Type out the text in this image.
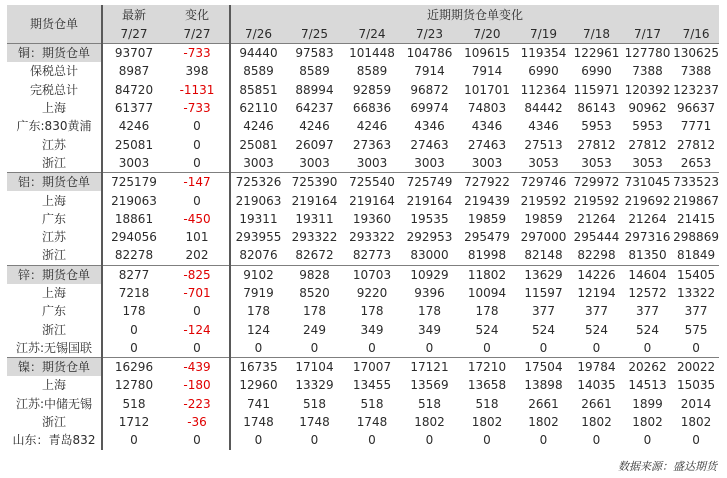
期货仓单	最新	变化	近期期货仓单变化								
	7/27	7/27	7/26	7/25	7/24	7/23	7/20	7/19	7/18	7/17	7/16
铜：期货仓单	93707	-733	94440	97583	101448	104786	109615	119354	122961	127780	130625
保税总计	8987	398	8589	8589	8589	7914	7914	6990	6990	7388	7388
完税总计	84720	-1131	85851	88994	92859	96872	101701	112364	115971	120392	123237
上海	61377	-733	62110	64237	66836	69974	74803	84442	86143	90962	96637
广东:830黄浦	4246	0	4246	4246	4246	4346	4346	4346	5953	5953	7771
江苏	25081	0	25081	26097	27363	27463	27463	27513	27812	27812	27812
浙江	3003	0	3003	3003	3003	3003	3003	3053	3053	3053	2653
铝：期货仓单	725179	-147	725326	725390	725540	725749	727922	729746	729972	731045	733523
上海	219063	0	219063	219164	219164	219164	219439	219592	219592	219692	219867
广东	18861	-450	19311	19311	19360	19535	19859	19859	21264	21264	21415
江苏	294056	101	293955	293322	293322	292953	295479	297000	295444	297316	298869
浙江	82278	202	82076	82672	82773	83000	81998	82148	82298	81350	81849
锌：期货仓单	8277	-825	9102	9828	10703	10929	11802	13629	14226	14604	15405
上海	7218	-701	7919	8520	9220	9396	10094	11597	12194	12572	13322
广东	178	0	178	178	178	178	178	377	377	377	377
浙江	0	-124	124	249	349	349	524	524	524	524	575
江苏:无锡国联	0	0	0	0	0	0	0	0	0	0	0
镍：期货仓单	16296	-439	16735	17104	17007	17121	17210	17504	19784	20262	20022
上海	12780	-180	12960	13329	13455	13569	13658	13898	14035	14513	15035
江苏:中储无锡	518	-223	741	518	518	518	518	2661	2661	1899	2014
浙江	1712	-36	1748	1748	1748	1802	1802	1802	1802	1802	1802
山东：青岛832	0	0	0	0	0	0	0	0	0	0	0
数据来源：盛达期货
